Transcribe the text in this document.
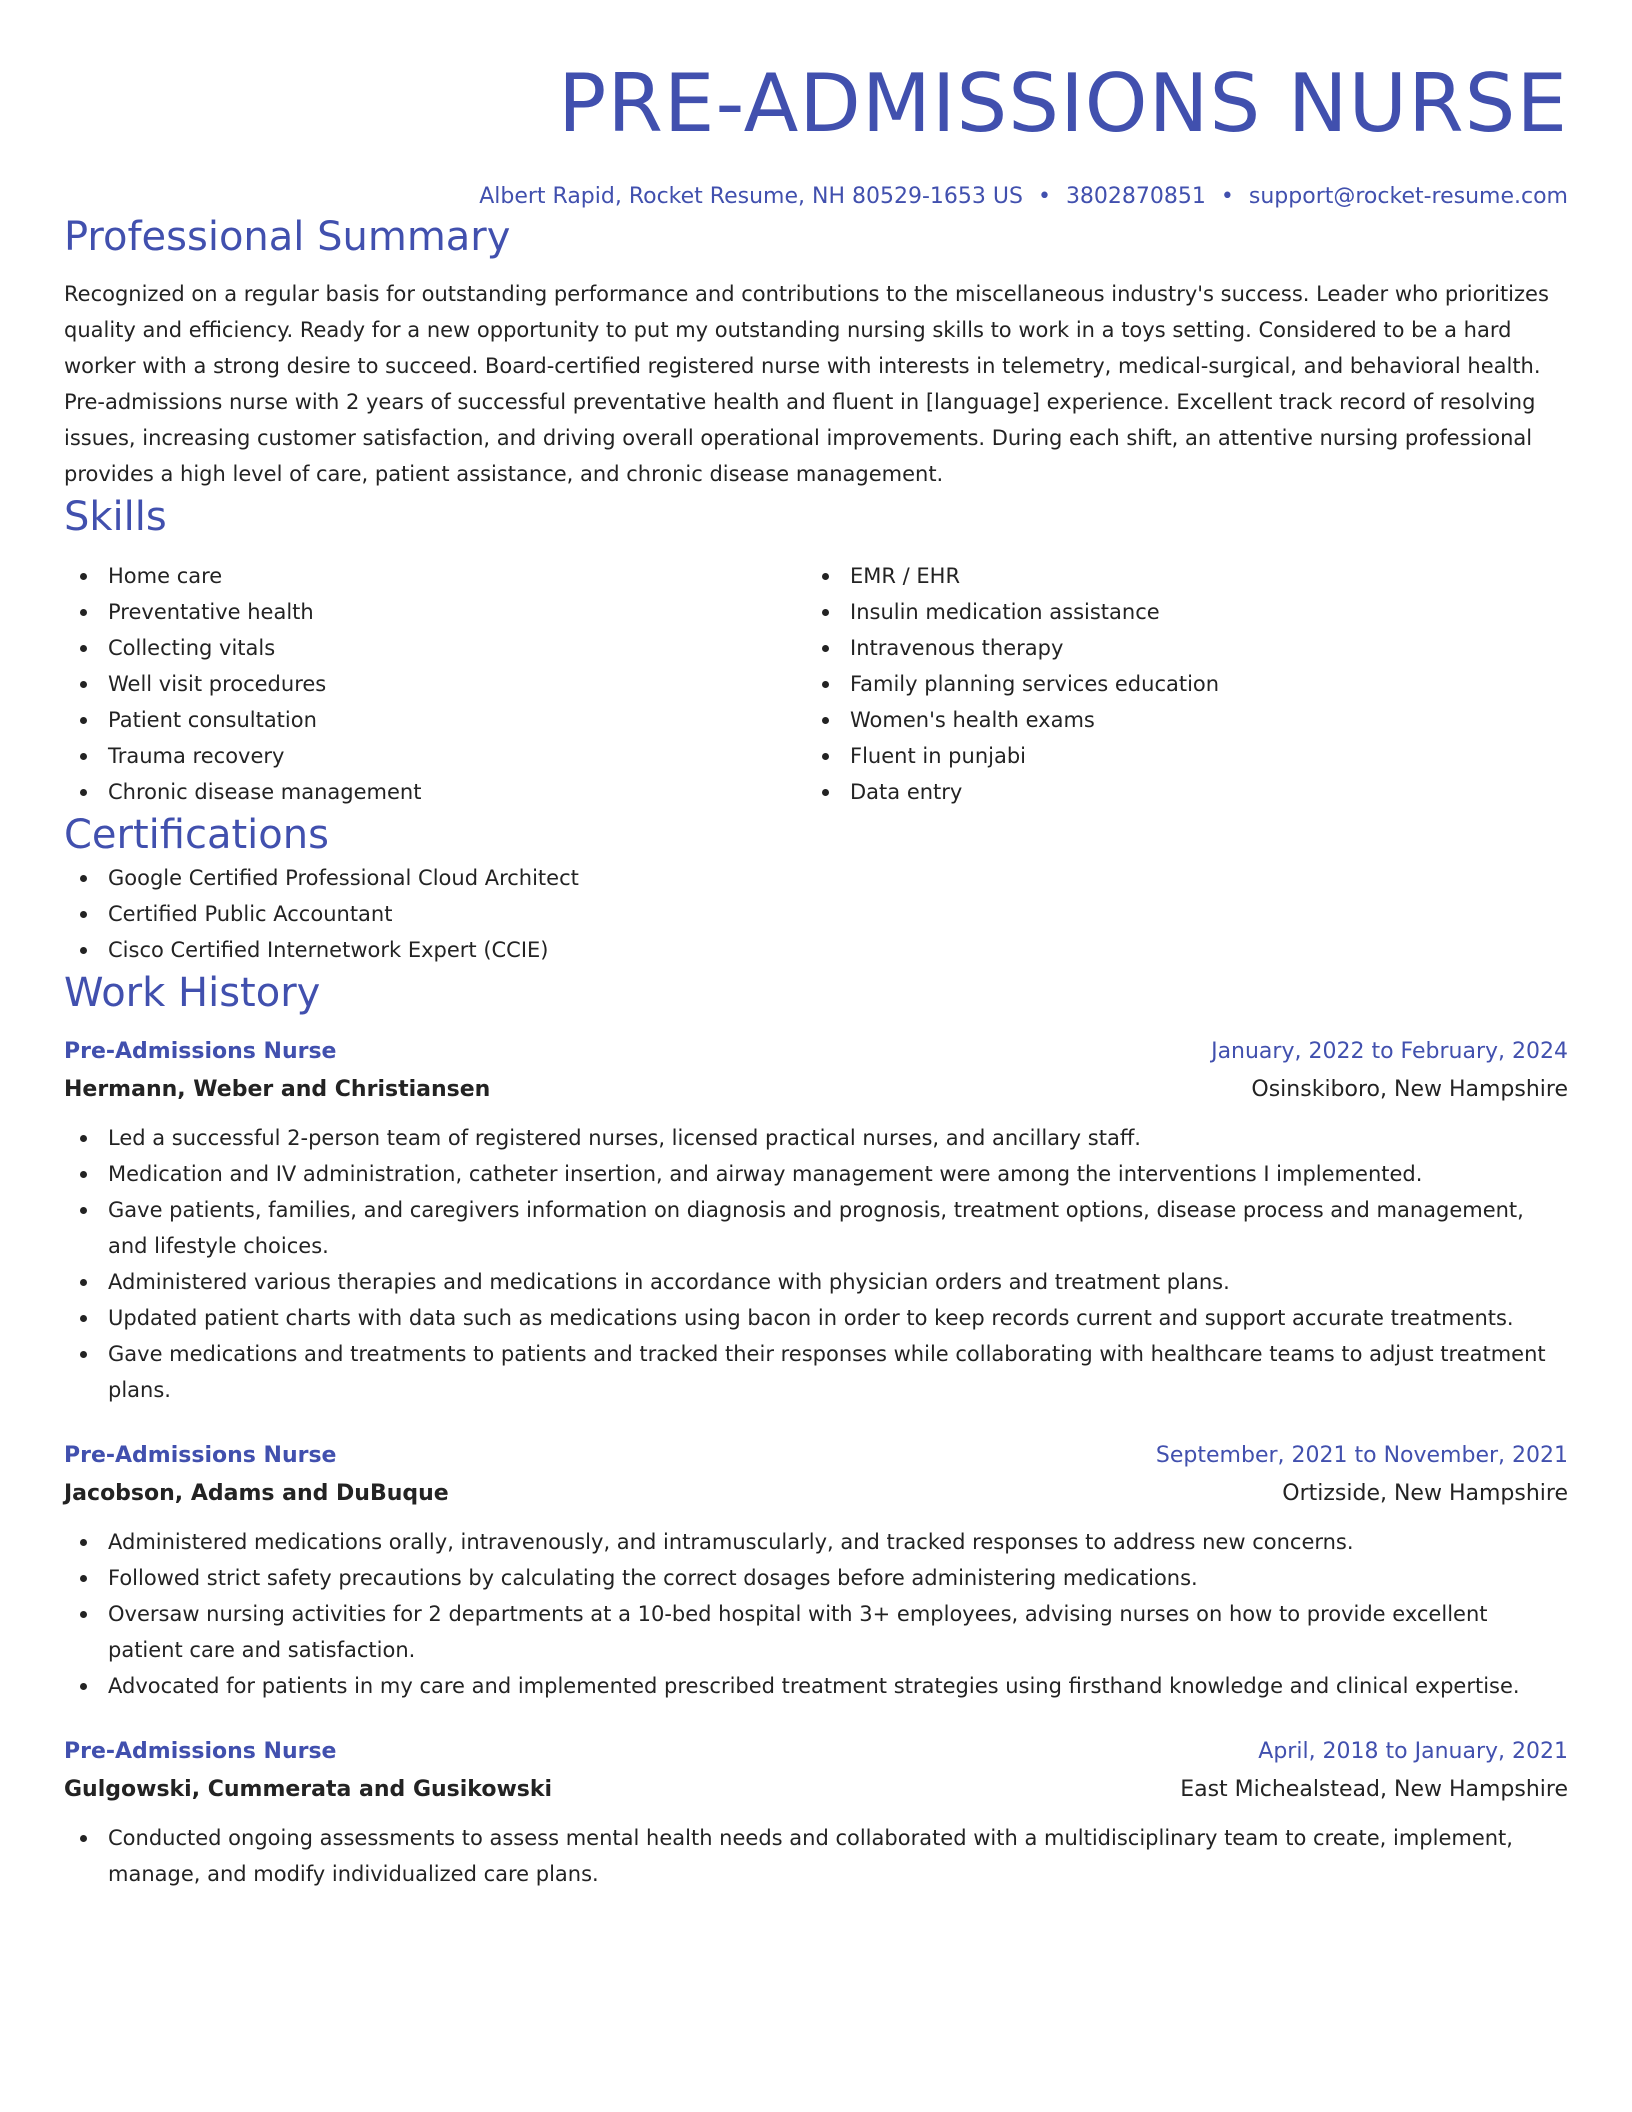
PRE-ADMISSIONS NURSE
Albert Rapid, Rocket Resume, NH 80529-1653 US • 3802870851 • support@rocket-resume.com
Professional Summary

Recognized on a regular basis for outstanding performance and contributions to the miscellaneous industry's success. Leader who prioritizes quality and efficiency. Ready for a new opportunity to put my outstanding nursing skills to work in a toys setting. Considered to be a hard worker with a strong desire to succeed. Board-certified registered nurse with interests in telemetry, medical-surgical, and behavioral health. Pre-admissions nurse with 2 years of successful preventative health and fluent in [language] experience. Excellent track record of resolving issues, increasing customer satisfaction, and driving overall operational improvements. During each shift, an attentive nursing professional provides a high level of care, patient assistance, and chronic disease management.

Skills
Home care
Preventative health
Collecting vitals
Well visit procedures
Patient consultation
Trauma recovery
Chronic disease management
EMR / EHR
Insulin medication assistance
Intravenous therapy
Family planning services education
Women's health exams
Fluent in punjabi
Data entry
Certifications
Google Certified Professional Cloud Architect
Certified Public Accountant
Cisco Certified Internetwork Expert (CCIE)
Work History
Pre-Admissions Nurse	January, 2022 to February, 2024
Hermann, Weber and Christiansen	Osinskiboro, New Hampshire
Led a successful 2-person team of registered nurses, licensed practical nurses, and ancillary staff.
Medication and IV administration, catheter insertion, and airway management were among the interventions I implemented.
Gave patients, families, and caregivers information on diagnosis and prognosis, treatment options, disease process and management, and lifestyle choices.
Administered various therapies and medications in accordance with physician orders and treatment plans.
Updated patient charts with data such as medications using bacon in order to keep records current and support accurate treatments.
Gave medications and treatments to patients and tracked their responses while collaborating with healthcare teams to adjust treatment plans.
Pre-Admissions Nurse	September, 2021 to November, 2021
Jacobson, Adams and DuBuque	Ortizside, New Hampshire
Administered medications orally, intravenously, and intramuscularly, and tracked responses to address new concerns.
Followed strict safety precautions by calculating the correct dosages before administering medications.
Oversaw nursing activities for 2 departments at a 10-bed hospital with 3+ employees, advising nurses on how to provide excellent patient care and satisfaction.
Advocated for patients in my care and implemented prescribed treatment strategies using firsthand knowledge and clinical expertise.
Pre-Admissions Nurse	April, 2018 to January, 2021
Gulgowski, Cummerata and Gusikowski	East Michealstead, New Hampshire
Conducted ongoing assessments to assess mental health needs and collaborated with a multidisciplinary team to create, implement, manage, and modify individualized care plans.
